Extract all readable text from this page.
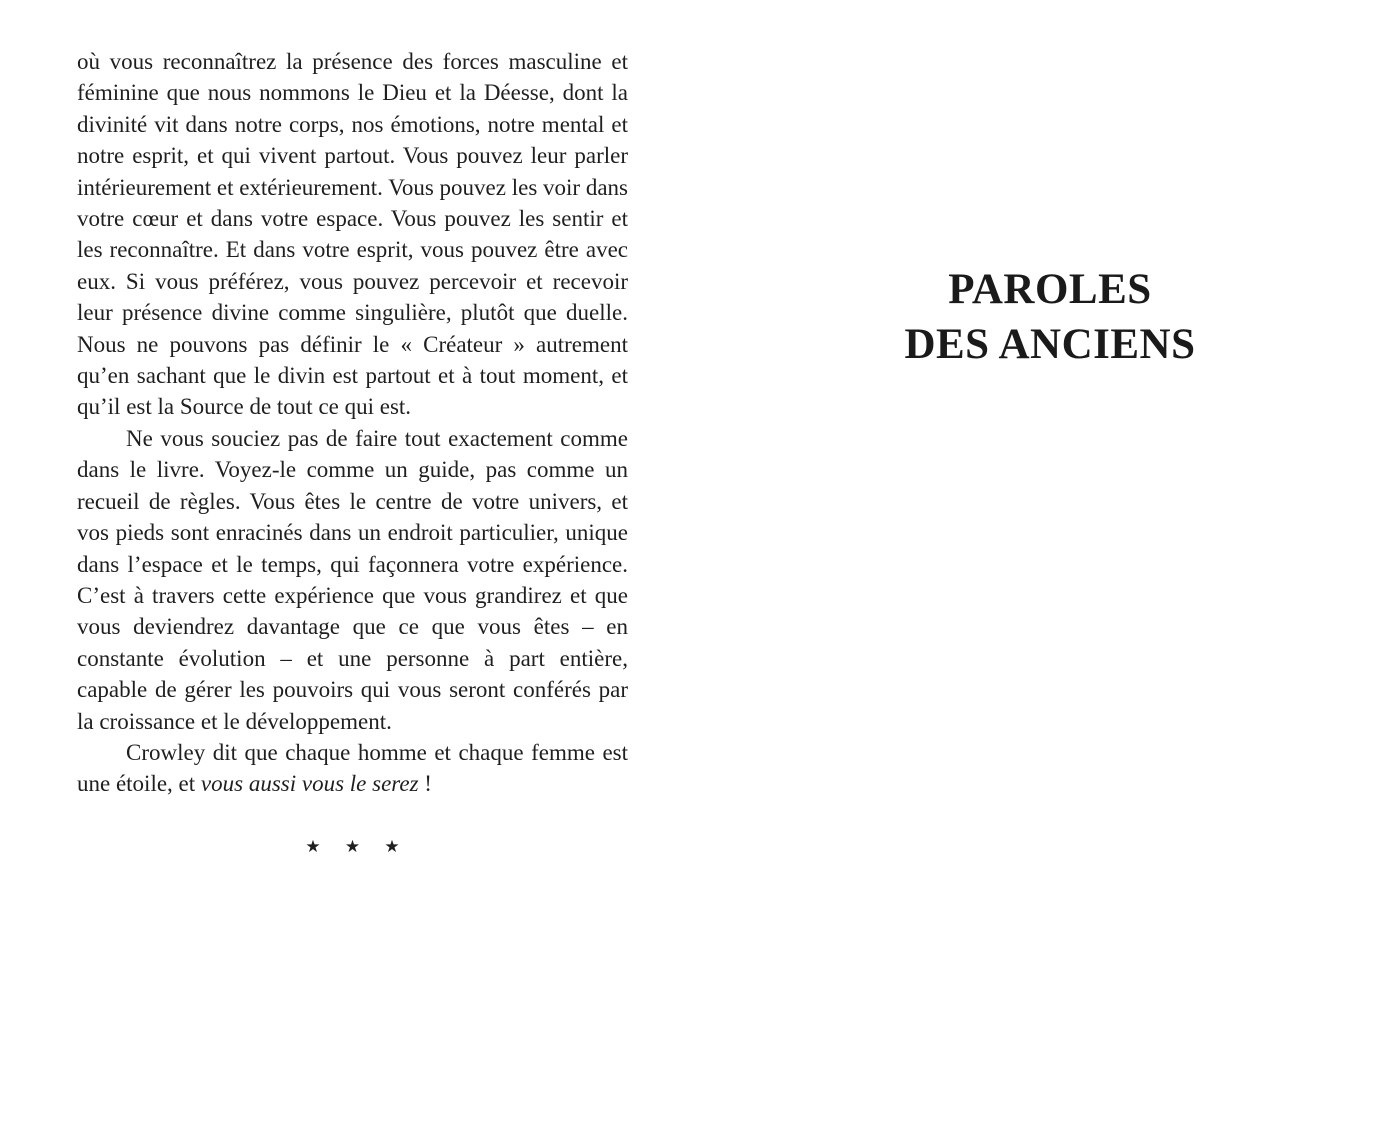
où vous reconnaîtrez la présence des forces masculine et féminine que nous nommons le Dieu et la Déesse, dont la divinité vit dans notre corps, nos émotions, notre mental et notre esprit, et qui vivent partout. Vous pouvez leur parler intérieurement et extérieurement. Vous pouvez les voir dans votre cœur et dans votre espace. Vous pouvez les sentir et les reconnaître. Et dans votre esprit, vous pouvez être avec eux. Si vous préférez, vous pouvez percevoir et recevoir leur présence divine comme singulière, plutôt que duelle. Nous ne pouvons pas définir le « Créateur » autrement qu’en sachant que le divin est partout et à tout moment, et qu’il est la Source de tout ce qui est.

Ne vous souciez pas de faire tout exactement comme dans le livre. Voyez-le comme un guide, pas comme un recueil de règles. Vous êtes le centre de votre univers, et vos pieds sont enracinés dans un endroit particulier, unique dans l’espace et le temps, qui façonnera votre expérience. C’est à travers cette expérience que vous grandirez et que vous deviendrez davantage que ce que vous êtes – en constante évolution – et une personne à part entière, capable de gérer les pouvoirs qui vous seront conférés par la croissance et le développement.

Crowley dit que chaque homme et chaque femme est une étoile, et vous aussi vous le serez !

★ ★ ★
PAROLES
DES ANCIENS
